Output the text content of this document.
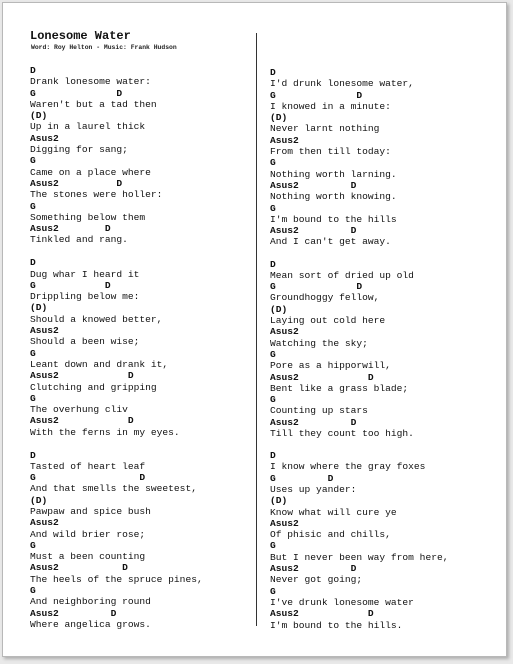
Lonesome Water
Word: Roy Helton - Music: Frank Hudson
D
Drank lonesome water:
G              D
Waren't but a tad then
(D)
Up in a laurel thick
Asus2
Digging for sang;
G
Came on a place where
Asus2          D
The stones were holler:
G
Something below them
Asus2        D
Tinkled and rang.
D
Dug whar I heard it
G            D
Drippling below me:
(D)
Should a knowed better,
Asus2
Should a been wise;
G
Leant down and drank it,
Asus2            D
Clutching and gripping
G
The overhung cliv
Asus2            D
With the ferns in my eyes.
D
Tasted of heart leaf
G                  D
And that smells the sweetest,
(D)
Pawpaw and spice bush
Asus2
And wild brier rose;
G
Must a been counting
Asus2           D
The heels of the spruce pines,
G
And neighboring round
Asus2         D
Where angelica grows.
D
I'd drunk lonesome water,
G              D
I knowed in a minute:
(D)
Never larnt nothing
Asus2
From then till today:
G
Nothing worth larning.
Asus2         D
Nothing worth knowing.
G
I'm bound to the hills
Asus2         D
And I can't get away.
D
Mean sort of dried up old
G              D
Groundhoggy fellow,
(D)
Laying out cold here
Asus2
Watching the sky;
G
Pore as a hipporwill,
Asus2            D
Bent like a grass blade;
G
Counting up stars
Asus2         D
Till they count too high.
D
I know where the gray foxes
G         D
Uses up yander:
(D)
Know what will cure ye
Asus2
Of phisic and chills,
G
But I never been way from here,
Asus2         D
Never got going;
G
I've drunk lonesome water
Asus2            D
I'm bound to the hills.
